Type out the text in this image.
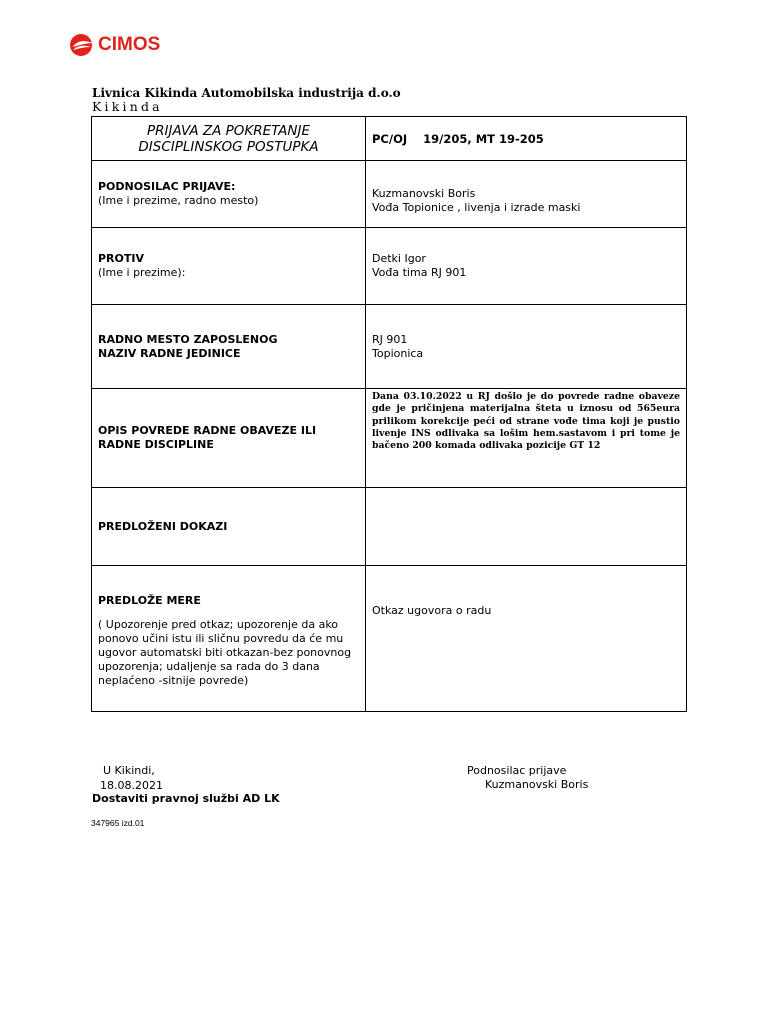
CIMOS
Livnica Kikinda Automobilska industrija d.o.o
Kikinda
PRIJAVA ZA POKRETANJE
DISCIPLINSKOG POSTUPKA	PC/OJ    19/205, MT 19-205

PODNOSILAC PRIJAVE:
(Ime i prezime, radno mesto)	Kuzmanovski Boris
Vođa Topionice , livenja i izrade maski

PROTIV
(Ime i prezime):	Detki Igor
Vođa tima RJ 901

RADNO MESTO ZAPOSLENOG
NAZIV RADNE JEDINICE	RJ 901
Topionica

OPIS POVREDE RADNE OBAVEZE ILI
RADNE DISCIPLINE	Dana 03.10.2022 u RJ došlo je do povrede radne obaveze gde je pričinjena materijalna šteta u iznosu od 565eura prilikom korekcije peći od strane vođe tima koji je pustio livenje INS odlivaka sa lošim hem.sastavom i pri tome je bačeno 200 komada odlivaka pozicije GT 12

PREDLOŽENI DOKAZI	

PREDLOŽE MERE
( Upozorenje pred otkaz; upozorenje da ako ponovo učini istu ili sličnu povredu da će mu ugovor automatski biti otkazan-bez ponovnog upozorenja; udaljenje sa rada do 3 dana neplaćeno -sitnije povrede)	Otkaz ugovora o radu
U Kikindi,
18.08.2021
Dostaviti pravnoj službi AD LK
Podnosilac prijave
Kuzmanovski Boris
347965 izd.01
